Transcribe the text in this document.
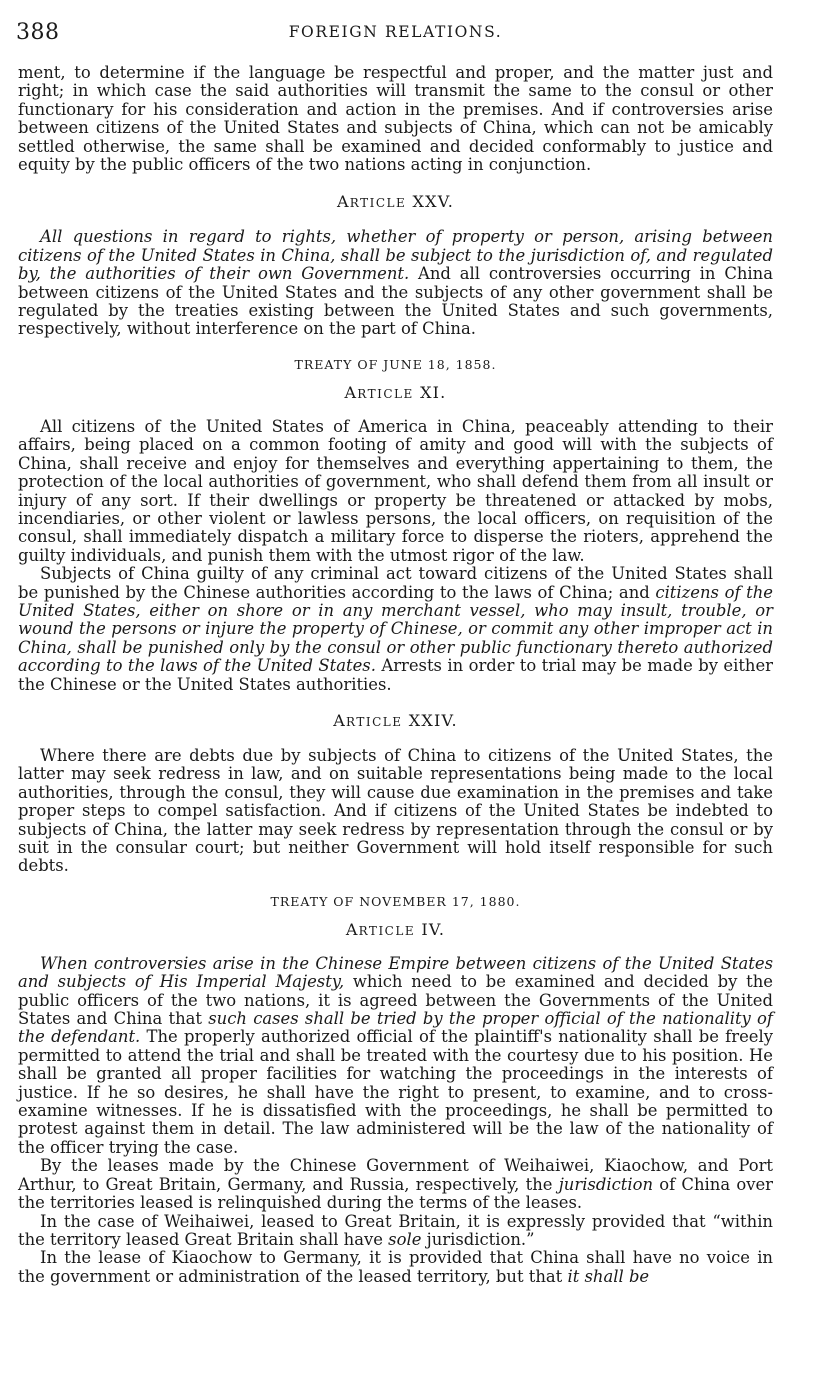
388	FOREIGN RELATIONS.

ment, to determine if the language be respectful and proper, and the matter just and right; in which case the said authorities will transmit the same to the consul or other functionary for his consideration and action in the premises. And if controversies arise between citizens of the United States and subjects of China, which can not be amicably settled otherwise, the same shall be examined and decided conformably to justice and equity by the public officers of the two nations acting in conjunction.

ARTICLE XXV.

All questions in regard to rights, whether of property or person, arising between citizens of the United States in China, shall be subject to the jurisdiction of, and regulated by, the authorities of their own Government. And all controversies occurring in China between citizens of the United States and the subjects of any other government shall be regulated by the treaties existing between the United States and such governments, respectively, without interference on the part of China.

TREATY OF JUNE 18, 1858.
ARTICLE XI.

All citizens of the United States of America in China, peaceably attending to their affairs, being placed on a common footing of amity and good will with the subjects of China, shall receive and enjoy for themselves and everything appertaining to them, the protection of the local authorities of government, who shall defend them from all insult or injury of any sort. If their dwellings or property be threatened or attacked by mobs, incendiaries, or other violent or lawless persons, the local officers, on requisition of the consul, shall immediately dispatch a military force to disperse the rioters, apprehend the guilty individuals, and punish them with the utmost rigor of the law.

Subjects of China guilty of any criminal act toward citizens of the United States shall be punished by the Chinese authorities according to the laws of China; and citizens of the United States, either on shore or in any merchant vessel, who may insult, trouble, or wound the persons or injure the property of Chinese, or commit any other improper act in China, shall be punished only by the consul or other public functionary thereto authorized according to the laws of the United States. Arrests in order to trial may be made by either the Chinese or the United States authorities.

ARTICLE XXIV.

Where there are debts due by subjects of China to citizens of the United States, the latter may seek redress in law, and on suitable representations being made to the local authorities, through the consul, they will cause due examination in the premises and take proper steps to compel satisfaction. And if citizens of the United States be indebted to subjects of China, the latter may seek redress by representation through the consul or by suit in the consular court; but neither Government will hold itself responsible for such debts.

TREATY OF NOVEMBER 17, 1880.
ARTICLE IV.

When controversies arise in the Chinese Empire between citizens of the United States and subjects of His Imperial Majesty, which need to be examined and decided by the public officers of the two nations, it is agreed between the Governments of the United States and China that such cases shall be tried by the proper official of the nationality of the defendant. The properly authorized official of the plaintiff's nationality shall be freely permitted to attend the trial and shall be treated with the courtesy due to his position. He shall be granted all proper facilities for watching the proceedings in the interests of justice. If he so desires, he shall have the right to present, to examine, and to cross-examine witnesses. If he is dissatisfied with the proceedings, he shall be permitted to protest against them in detail. The law administered will be the law of the nationality of the officer trying the case.

By the leases made by the Chinese Government of Weihaiwei, Kiaochow, and Port Arthur, to Great Britain, Germany, and Russia, respectively, the jurisdiction of China over the territories leased is relinquished during the terms of the leases.

In the case of Weihaiwei, leased to Great Britain, it is expressly provided that “within the territory leased Great Britain shall have sole jurisdiction.”

In the lease of Kiaochow to Germany, it is provided that China shall have no voice in the government or administration of the leased territory, but that it shall be
